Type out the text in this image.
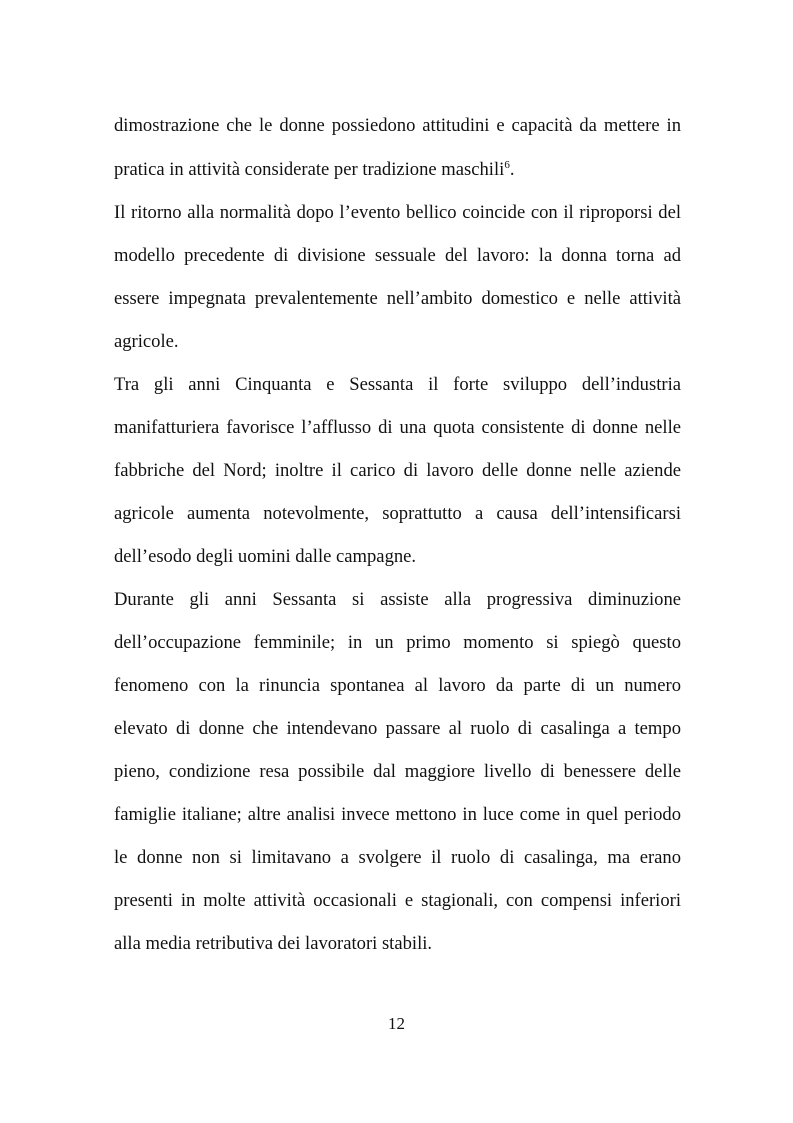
dimostrazione che le donne possiedono attitudini e capacità da mettere in
pratica in attività considerate per tradizione maschili$^6$.
Il ritorno alla normalità dopo l’evento bellico coincide con il riproporsi del
modello precedente di divisione sessuale del lavoro: la donna torna ad
essere impegnata prevalentemente nell’ambito domestico e nelle attività
agricole.
Tra gli anni Cinquanta e Sessanta il forte sviluppo dell’industria
manifatturiera favorisce l’afflusso di una quota consistente di donne nelle
fabbriche del Nord; inoltre il carico di lavoro delle donne nelle aziende
agricole aumenta notevolmente, soprattutto a causa dell’intensificarsi
dell’esodo degli uomini dalle campagne.
Durante gli anni Sessanta si assiste alla progressiva diminuzione
dell’occupazione femminile; in un primo momento si spiegò questo
fenomeno con la rinuncia spontanea al lavoro da parte di un numero
elevato di donne che intendevano passare al ruolo di casalinga a tempo
pieno, condizione resa possibile dal maggiore livello di benessere delle
famiglie italiane; altre analisi invece mettono in luce come in quel periodo
le donne non si limitavano a svolgere il ruolo di casalinga, ma erano
presenti in molte attività occasionali e stagionali, con compensi inferiori
alla media retributiva dei lavoratori stabili.
12
